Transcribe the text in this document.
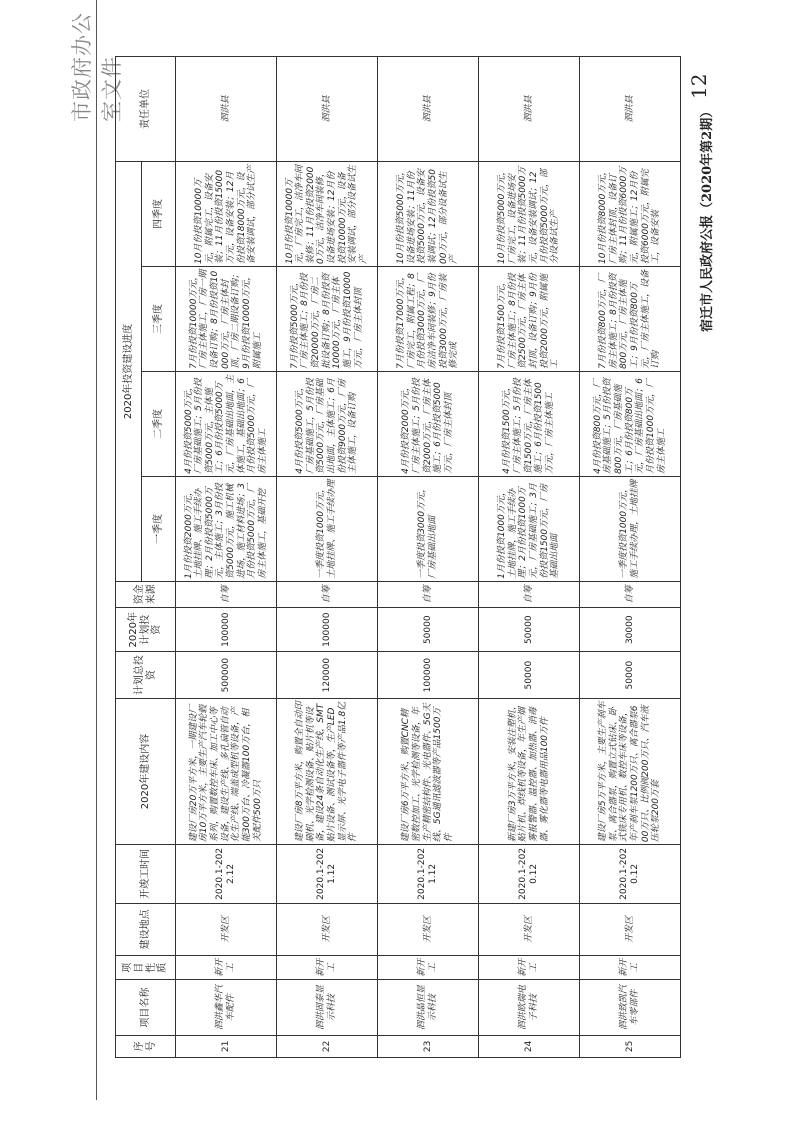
市政府办公室文件
序号	项目名称	项目性质	建设地点	开竣工时间	2020年建设内容	计划总投资	2020年计划投资	资金来源	2020年投资建设进度				责任单位
									一季度	二季度	三季度	四季度	
21	泗洪鑫华汽车配件	新开工	开发区	2020.1-2022.12	建设厂房20万平方米，一期建设厂房10万平方米，主要生产汽车轮毂系列，购置数控车床、加工中心等设备，建设生产线、多孔扁管自动化生产线、端盖成型机等设备，产能300万台、冷凝器100万台，相关配件500万只	500000	100000	自筹	1月份投资2000万元，土地挂牌、施工手续办理；2月份投资5000万元，主体施工；3月份投资5000万元，施工机械进场，施工材料进场；3月份投资5000万元，厂房主体施工，基础开挖	4月份投资5000万元，厂房基础施工；5月份投资5000万元，主体施工；6月份投资5000万元，厂房基础出地面，主体施工，基础出地面；6月份投资5000万元，厂房主体施工	7月份投资10000万元，厂房主体施工，厂房一期设备订购；8月份投资10000万元，厂房主体封顶，厂房二期设备订购；9月份投资10000万元，附属施工	10月份投资10000万元，附属完工，设备安装；11月份投资15000万元，设备安装；12月份投资18000万元，设备安装调试，部分试生产	泗洪县
22	泗洪固泰显示科技	新开工	开发区	2020.1-2021.12	建设厂房8万平方米，购置全自动印刷机、光学检测设备、贴片机等设备，建设24条自动化生产线，SMT贴片设备、测试设备等，生产LED显示屏、光学电子器件等产品1.8亿件	120000	100000	自筹	一季度投资1000万元，土地挂牌、施工手续办理	4月份投资5000万元，厂房基础施工，5月份投资5000万元，厂房基础出地面，主体施工；6月份投资9000万元，厂房主体施工，设备订购	7月份投资5000万元，厂房主体施工；8月份投资20000万元，厂房二批设备订购；8月份投资10000万元，厂房主体施工，9月份投资10000万元，厂房主体封顶	10月份投资10000万元，厂房完工，洁净车间装修；11月份投资20000万元，洁净车间装修，设备进场安装；12月份投资10000万元，设备安装调试，部分设备试生产	泗洪县
23	泗洪晶恒显示科技	新开工	开发区	2020.1-2021.12	建设厂房6万平方米，购置CNC精密数控加工、光学检测等设备，年生产精密结构件、光电器件、5G天线、5G通讯滤波器等产品1500万件	100000	50000	自筹	一季度投资3000万元，厂房基础出地面	4月份投资2000万元，厂房主体施工；5月份投资2000万元，厂房主体施工；6月份投资5000万元，厂房主体封顶	7月份投资17000万元，厂房完工，附属工程；8月份投资3000万元，厂房洁净车间装修；9月份投资3000万元，厂房装修完成	10月份投资5000万元，设备进场安装；11月份投资5000万元，设备安装调试；12月份投资5000万元，部分设备试生产	泗洪县
24	泗洪欧瑞电子科技	新开工	开发区	2020.1-2020.12	新建厂房3万平方米，安装注塑机、贴片机、焊线机等设备，年生产烟雾报警器、温控器、加热器、消毒器、雾化器等电器用品100万件	50000	50000	自筹	1月份投资1000万元，土地挂牌，施工手续办理；2月份投资1000万元，厂房基础施工；3月份投资1500万元，厂房基础出地面	4月份投资1500万元，厂房主体施工；5月份投资1500万元，厂房主体施工；6月份投资1500万元，厂房主体施工	7月份投资1500万元，厂房主体施工；8月份投资2500万元，厂房主体封顶，设备订购；9月份投资2000万元，附属施工	10月份投资5000万元，厂房完工，设备进场安装；11月份投资5000万元，设备安装调试；12月份投资5000万元，部分设备试生产	泗洪县
25	泗洪致凯汽车零部件	新开工	开发区	2020.1-2020.12	建设厂房5万平方米，主要生产刹车泵、离合器泵，购置立式钻床、卧式铣床专用机、数控车床等设备，年产刹车泵1200万只、离合器泵600万只、比例阀200万只、汽车液压轮泵200万套	50000	30000	自筹	一季度投资1000万元，施工手续办理，土地挂牌	4月份投资800万元，厂房基础施工；5月份投资800万元，厂房基础施工；6月份投资800万元，厂房基础出地面；6月份投资1000万元，厂房主体施工	7月份投资800万元，厂房主体施工；8月份投资800万元，厂房主体施工；9月份投资800万元，厂房主体施工，设备订购	10月份投资8000万元，厂房主体封顶，设备订购；11月份投资6000万元，附属施工；12月份投资6000万元，附属完工，设备安装	泗洪县	宿迁市人民政府公报（2020年第2期）
12
